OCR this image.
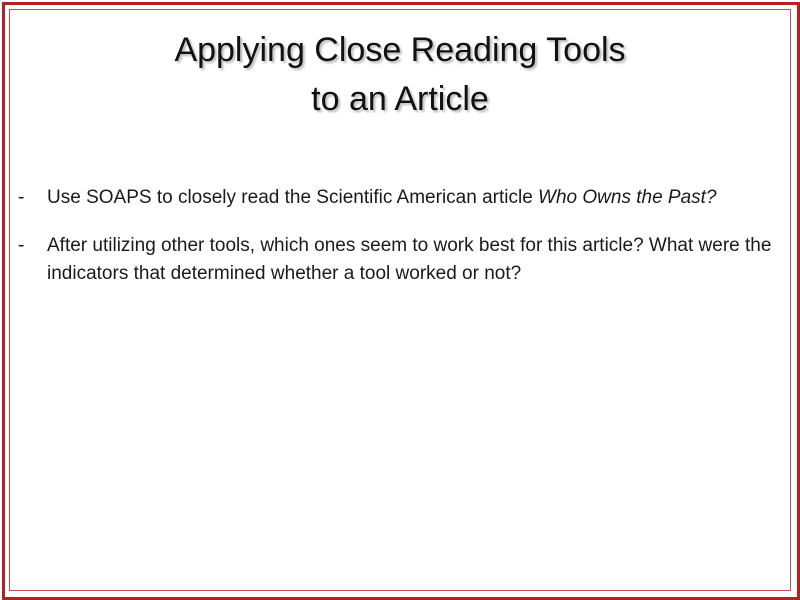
Applying Close Reading Tools
to an Article
-	Use SOAPS to closely read the Scientific American article Who Owns the Past?
-	After utilizing other tools, which ones seem to work best for this article? What were the indicators that determined whether a tool worked or not?
